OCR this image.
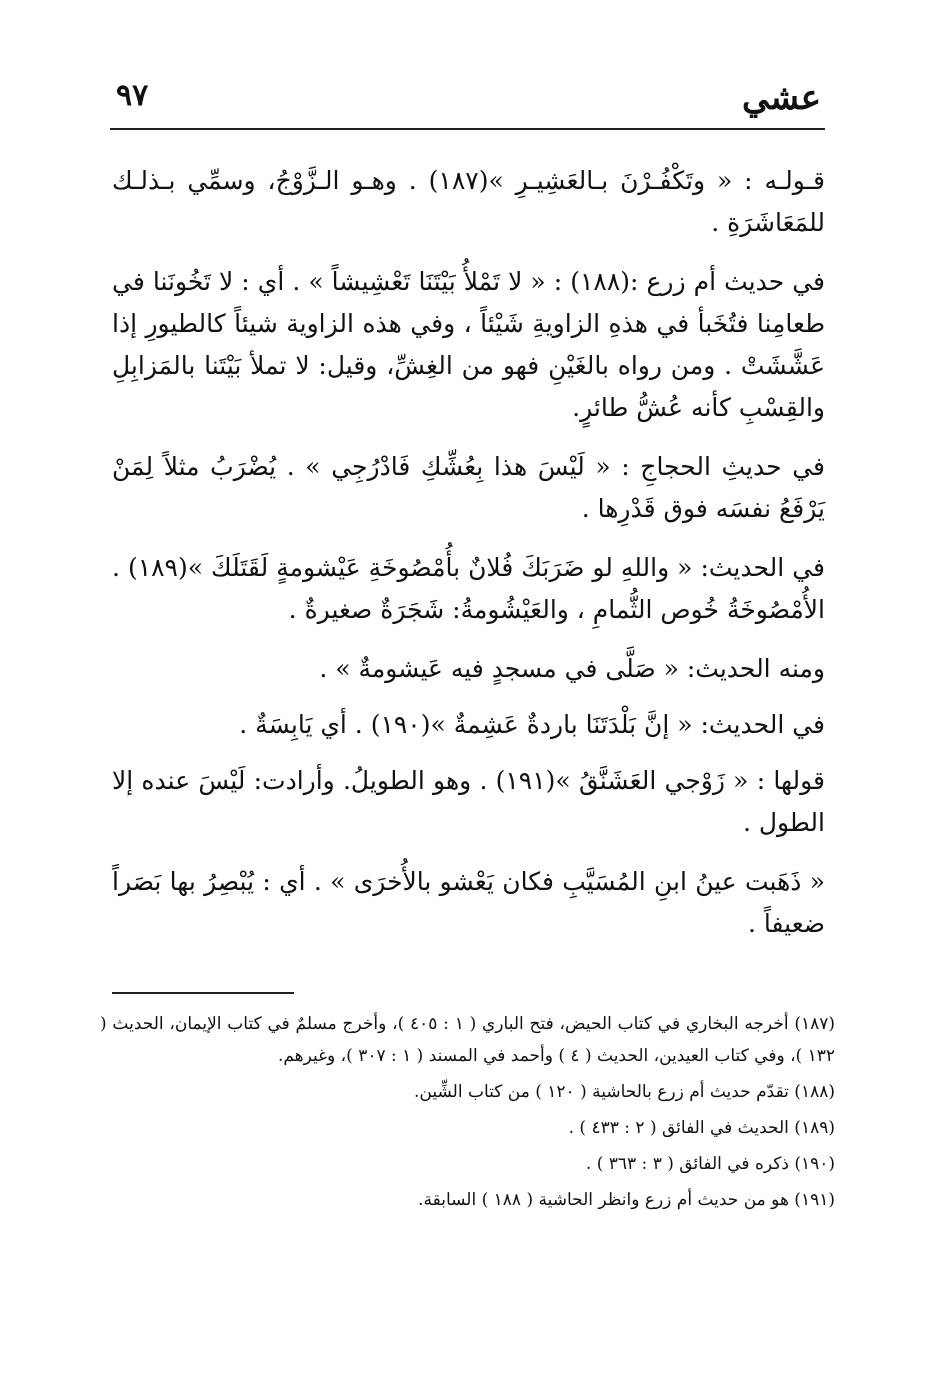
عشي
٩٧

قـولـه : « وتَكْفُـرْنَ بـالعَشِيـرِ »(١٨٧) . وهـو الـزَّوْجُ، وسمِّي بـذلـك للمَعَاشَرَةِ .

في حديث أم زرع :(١٨٨) : « لا تَمْلأُ بَيْتَنَا تَعْشِيشاً » . أي : لا تَخُونَنا في طعامِنا فتُخَبأ في هذهِ الزاويةِ شَيْئاً ، وفي هذه الزاوية شيئاً كالطيورِ إذا عَشَّشَتْ . ومن رواه بالغَيْنِ فهو من الغِشِّ، وقيل: لا تملأ بَيْتَنا بالمَزابِلِ والقِسْبِ كأنه عُشُّ طائرٍ.

في حديثِ الحجاجِ : « لَيْسَ هذا بِعُشِّكِ فَادْرُجِي » . يُضْرَبُ مثلاً لِمَنْ يَرْفَعُ نفسَه فوق قَدْرِها .

في الحديث: « واللهِ لو ضَرَبَكَ فُلانٌ بأُمْصُوخَةِ عَيْشومةٍ لَقَتَلَكَ »(١٨٩) . الأُمْصُوخَةُ خُوص الثُّمامِ ، والعَيْشُومةُ: شَجَرَةٌ صغيرةٌ .

ومنه الحديث: « صَلَّى في مسجدٍ فيه عَيشومةٌ » .

في الحديث: « إنَّ بَلْدَتَنَا باردةٌ عَشِمةٌ »(١٩٠) . أي يَابِسَةٌ .

قولها : « زَوْجي العَشَنَّقُ »(١٩١) . وهو الطويلُ. وأرادت: لَيْسَ عنده إلا الطول .

« ذَهَبت عينُ ابنِ المُسَيَّبِ فكان يَعْشو بالأُخرَى » . أي : يُبْصِرُ بها بَصَراً ضعيفاً .

(١٨٧) أخرجه البخاري في كتاب الحيض، فتح الباري ( ١ : ٤٠٥ )، وأخرج مسلمٌ في كتاب الإيمان، الحديث ( ١٣٢ )، وفي كتاب العيدين، الحديث ( ٤ ) وأحمد في المسند ( ١ : ٣٠٧ )، وغيرهم.

(١٨٨) تقدّم حديث أم زرع بالحاشية ( ١٢٠ ) من كتاب الشِّين.

(١٨٩) الحديث في الفائق ( ٢ : ٤٣٣ ) .

(١٩٠) ذكره في الفائق ( ٣ : ٣٦٣ ) .

(١٩١) هو من حديث أم زرع وانظر الحاشية ( ١٨٨ ) السابقة.
